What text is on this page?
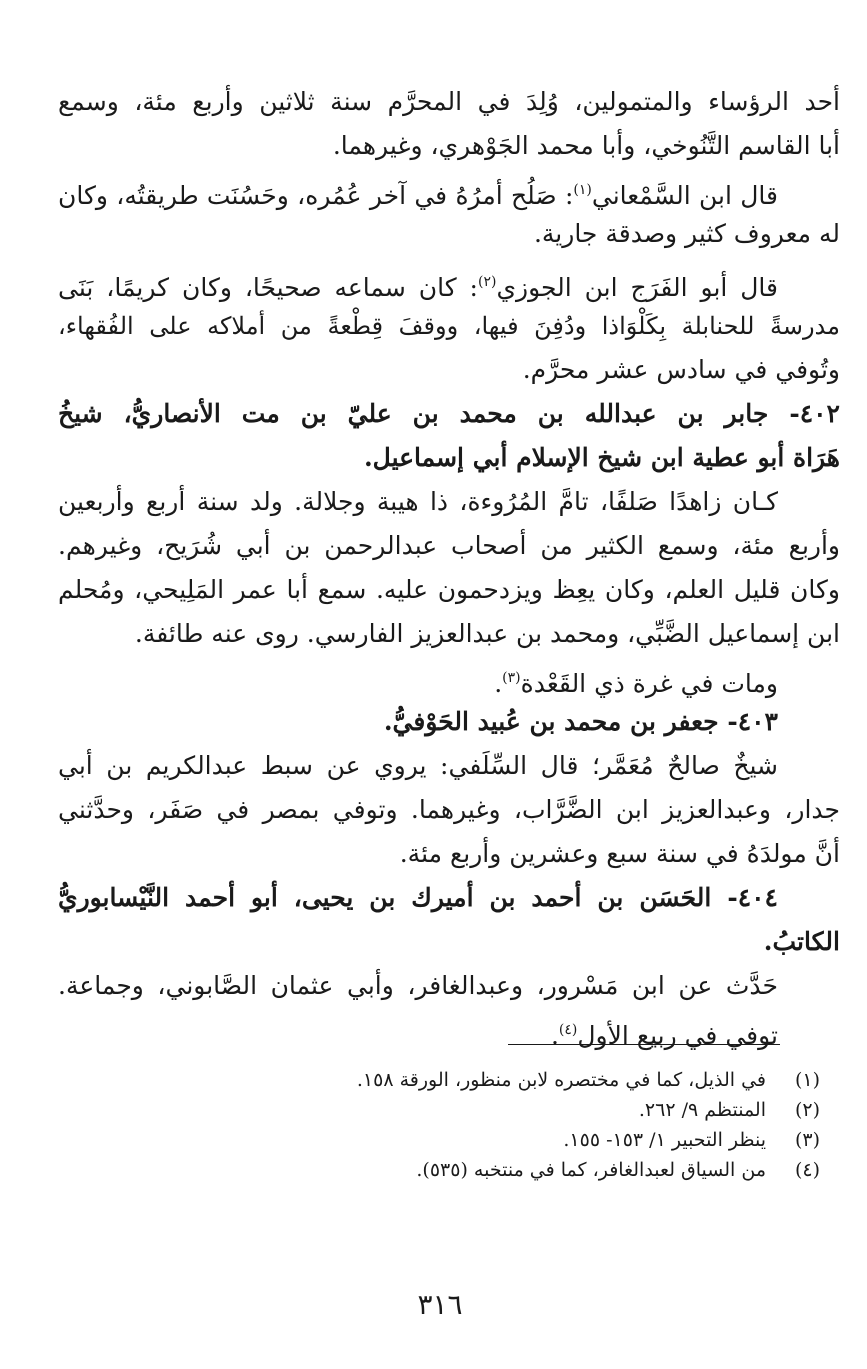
أحد الرؤساء والمتمولين، وُلِدَ في المحرَّم سنة ثلاثين وأربع مئة، وسمع
أبا القاسم التَّنُوخي، وأبا محمد الجَوْهري، وغيرهما.
قال ابن السَّمْعاني$^{(١)}$: صَلُح أمرُهُ في آخر عُمُره، وحَسُنَت طريقتُه، وكان
له معروف كثير وصدقة جارية.
قال أبو الفَرَج ابن الجوزي$^{(٢)}$: كان سماعه صحيحًا، وكان كريمًا، بَنَى
مدرسةً للحنابلة بِكَلْوَاذا ودُفِنَ فيها، ووقفَ قِطْعةً من أملاكه على الفُقهاء،
وتُوفي في سادس عشر محرَّم.
٤٠٢- جابر بن عبدالله بن محمد بن عليّ بن مت الأنصاريُّ، شيخُ
هَرَاة أبو عطية ابن شيخ الإسلام أبي إسماعيل.
كـان زاهدًا صَلفًا، تامَّ المُرُوءة، ذا هيبة وجلالة. ولد سنة أربع وأربعين
وأربع مئة، وسمع الكثير من أصحاب عبدالرحمن بن أبي شُرَيح، وغيرهم.
وكان قليل العلم، وكان يعِظ ويزدحمون عليه. سمع أبا عمر المَلِيحي، ومُحلم
ابن إسماعيل الضَّبِّي، ومحمد بن عبدالعزيز الفارسي. روى عنه طائفة.
ومات في غرة ذي القَعْدة$^{(٣)}$.
٤٠٣- جعفر بن محمد بن عُبيد الحَوْفيُّ.
شيخٌ صالحٌ مُعَمَّر؛ قال السِّلَفي: يروي عن سبط عبدالكريم بن أبي
جدار، وعبدالعزيز ابن الضَّرَّاب، وغيرهما. وتوفي بمصر في صَفَر، وحدَّثني
أنَّ مولدَهُ في سنة سبع وعشرين وأربع مئة.
٤٠٤- الحَسَن بن أحمد بن أميرك بن يحيى، أبو أحمد النَّيْسابوريُّ
الكاتبُ.
حَدَّث عن ابن مَسْرور، وعبدالغافر، وأبي عثمان الصَّابوني، وجماعة.
توفي في ربيع الأول$^{(٤)}$.
(١)في الذيل، كما في مختصره لابن منظور، الورقة ١٥٨.
(٢)المنتظم ٩/ ٢٦٢.
(٣)ينظر التحبير ١/ ١٥٣- ١٥٥.
(٤)من السياق لعبدالغافر، كما في منتخبه (٥٣٥).
٣١٦
